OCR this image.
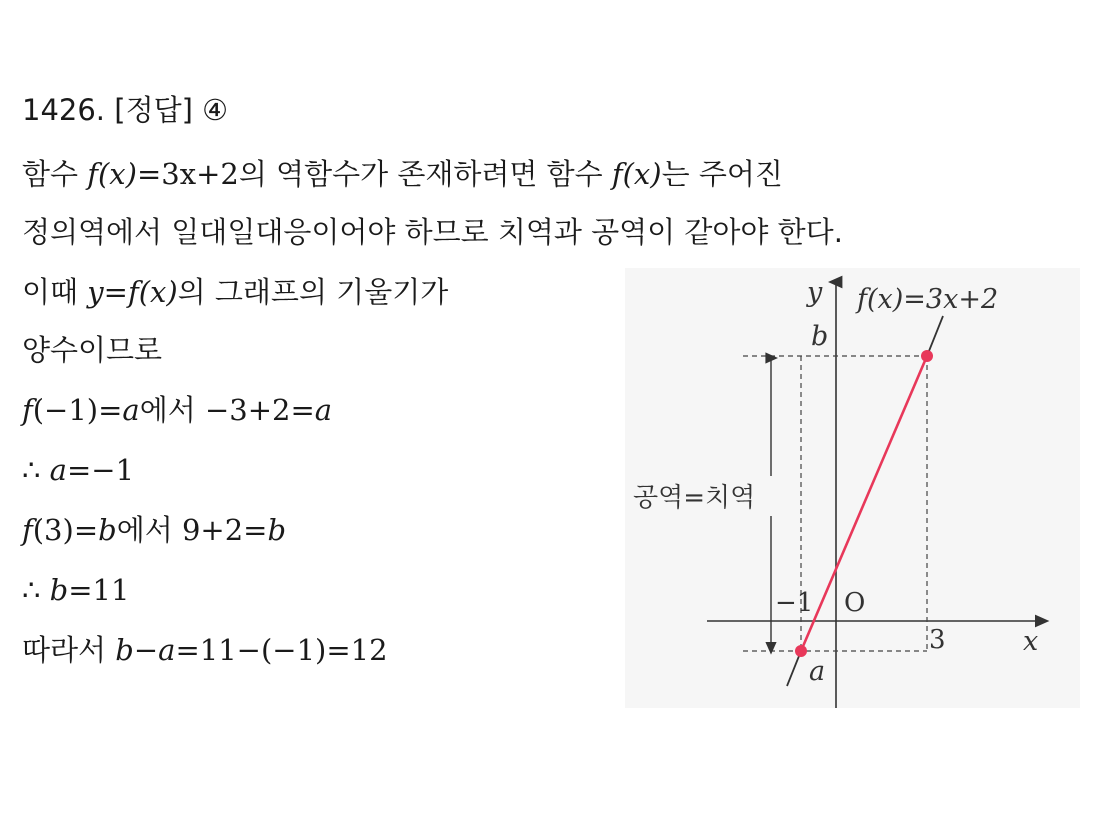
1426. [정답] ④
함수 f(x)=3x+2의 역함수가 존재하려면 함수 f(x)는 주어진
정의역에서 일대일대응이어야 하므로 치역과 공역이 같아야 한다.
이때 y=f(x)의 그래프의 기울기가
양수이므로
f(−1)=a에서 −3+2=a
∴ a=−1
f(3)=b에서 9+2=b
∴ b=11
따라서 b−a=11−(−1)=12
y f(x)=3x+2
b
공역=치역
−1 O
3	x
a
